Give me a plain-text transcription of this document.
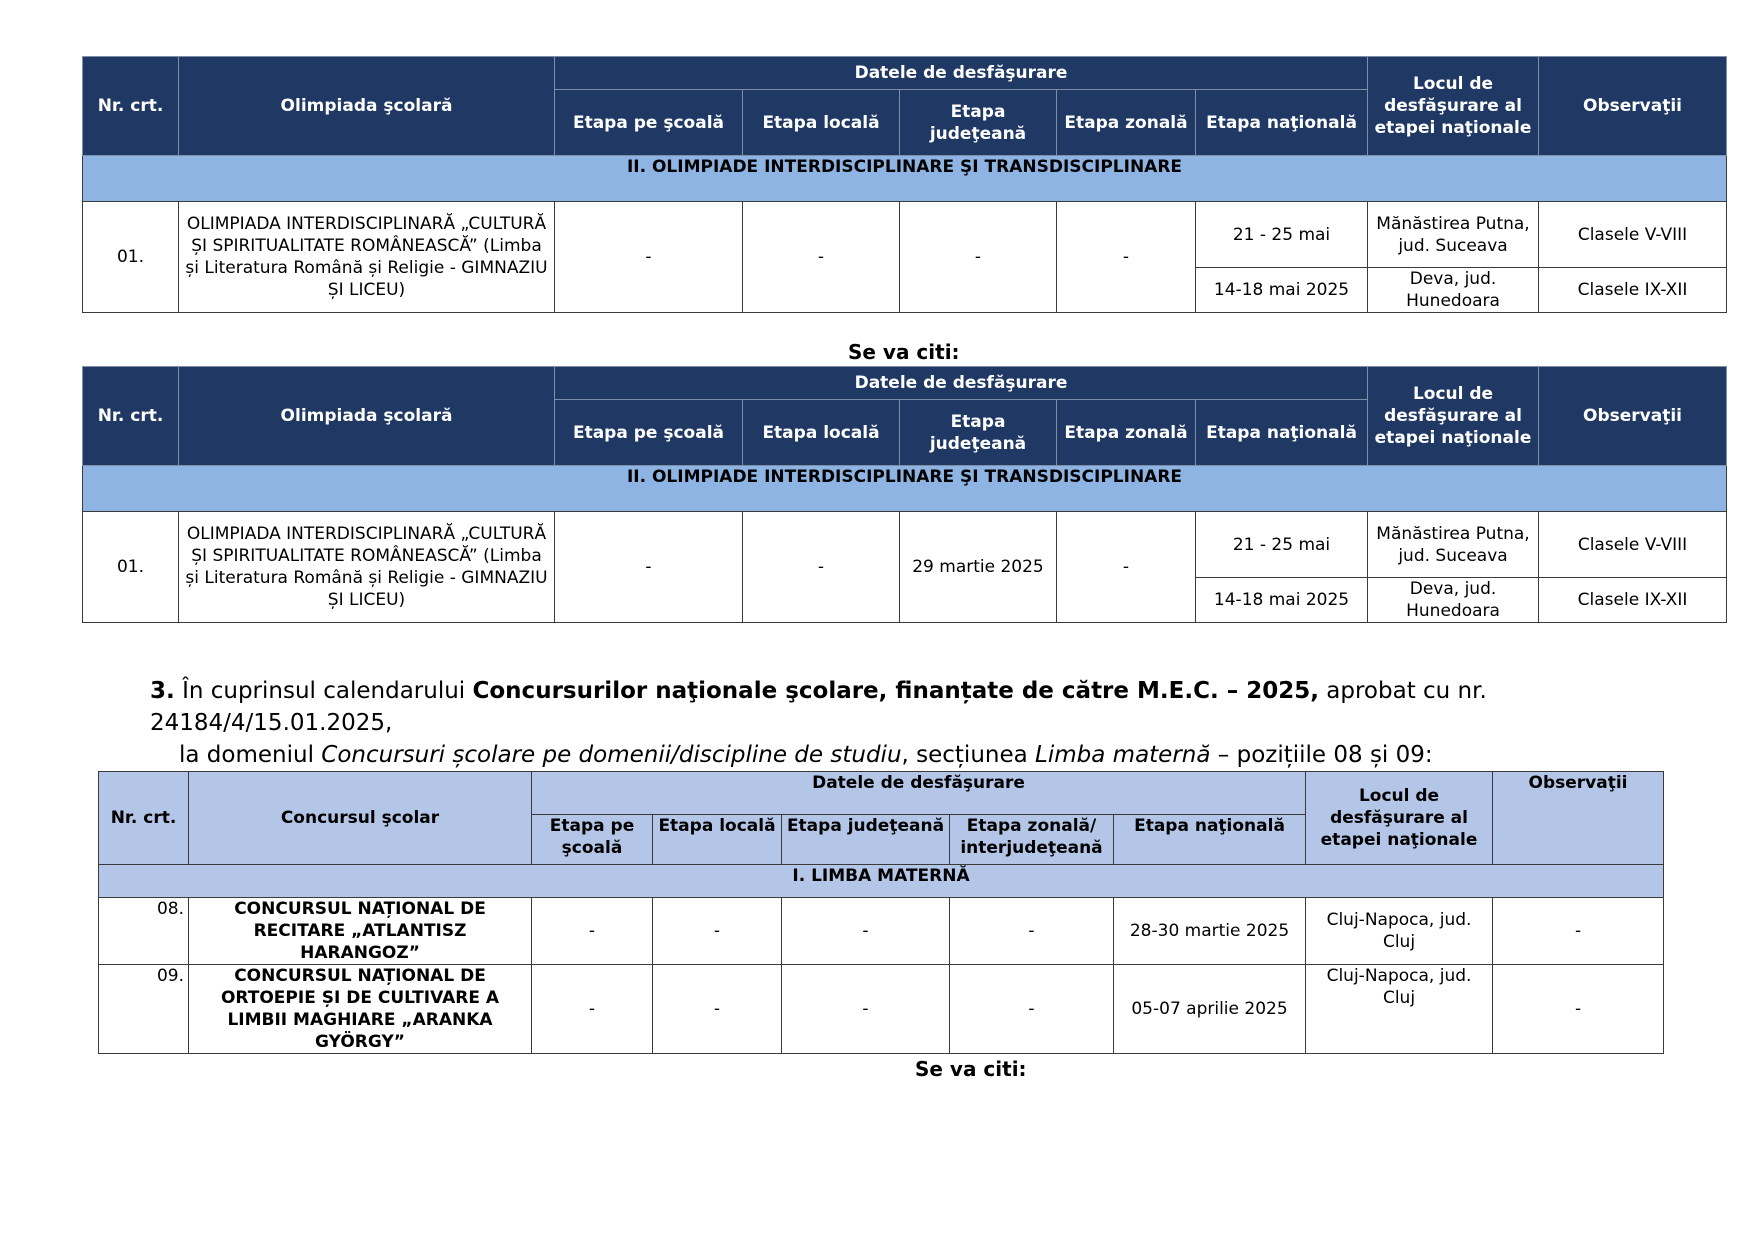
Nr. crt.	Olimpiada şcolară	Datele de desfăşurare					Locul de desfăşurare al etapei naţionale	Observaţii
		Etapa pe şcoală	Etapa locală	Etapa judeţeană	Etapa zonală	Etapa naţională		
II. OLIMPIADE INTERDISCIPLINARE ŞI TRANSDISCIPLINARE								
01.	OLIMPIADA INTERDISCIPLINARĂ „CULTURĂ ȘI SPIRITUALITATE ROMÂNEASCĂ” (Limba și Literatura Română și Religie - GIMNAZIU ȘI LICEU)	-	-	-	-	21 - 25 mai	Mănăstirea Putna, jud. Suceava	Clasele V-VIII
						14-18 mai 2025	Deva, jud. Hunedoara	Clasele IX-XII
Se va citi:
Nr. crt.	Olimpiada şcolară	Datele de desfăşurare					Locul de desfăşurare al etapei naţionale	Observaţii
		Etapa pe şcoală	Etapa locală	Etapa judeţeană	Etapa zonală	Etapa naţională		
II. OLIMPIADE INTERDISCIPLINARE ŞI TRANSDISCIPLINARE								
01.	OLIMPIADA INTERDISCIPLINARĂ „CULTURĂ ȘI SPIRITUALITATE ROMÂNEASCĂ” (Limba și Literatura Română și Religie - GIMNAZIU ȘI LICEU)	-	-	29 martie 2025	-	21 - 25 mai	Mănăstirea Putna, jud. Suceava	Clasele V-VIII
						14-18 mai 2025	Deva, jud. Hunedoara	Clasele IX-XII
3. În cuprinsul calendarului Concursurilor naţionale şcolare, finanțate de către M.E.C. – 2025, aprobat cu nr. 24184/4/15.01.2025,
la domeniul Concursuri școlare pe domenii/discipline de studiu, secțiunea Limba maternă – pozițiile 08 și 09:
Nr. crt.	Concursul şcolar	Datele de desfăşurare					Locul de desfăşurare al etapei naţionale	Observaţii
		Etapa pe şcoală	Etapa locală	Etapa judeţeană	Etapa zonală/ interjudeţeană	Etapa naţională		
I. LIMBA MATERNĂ								
08.	CONCURSUL NAȚIONAL DE RECITARE „ATLANTISZ HARANGOZ”	-	-	-	-	28-30 martie 2025	Cluj-Napoca, jud. Cluj	-
09.	CONCURSUL NAȚIONAL DE ORTOEPIE ȘI DE CULTIVARE A LIMBII MAGHIARE „ARANKA GYÖRGY”	-	-	-	-	05-07 aprilie 2025	Cluj-Napoca, jud. Cluj	-
Se va citi:
